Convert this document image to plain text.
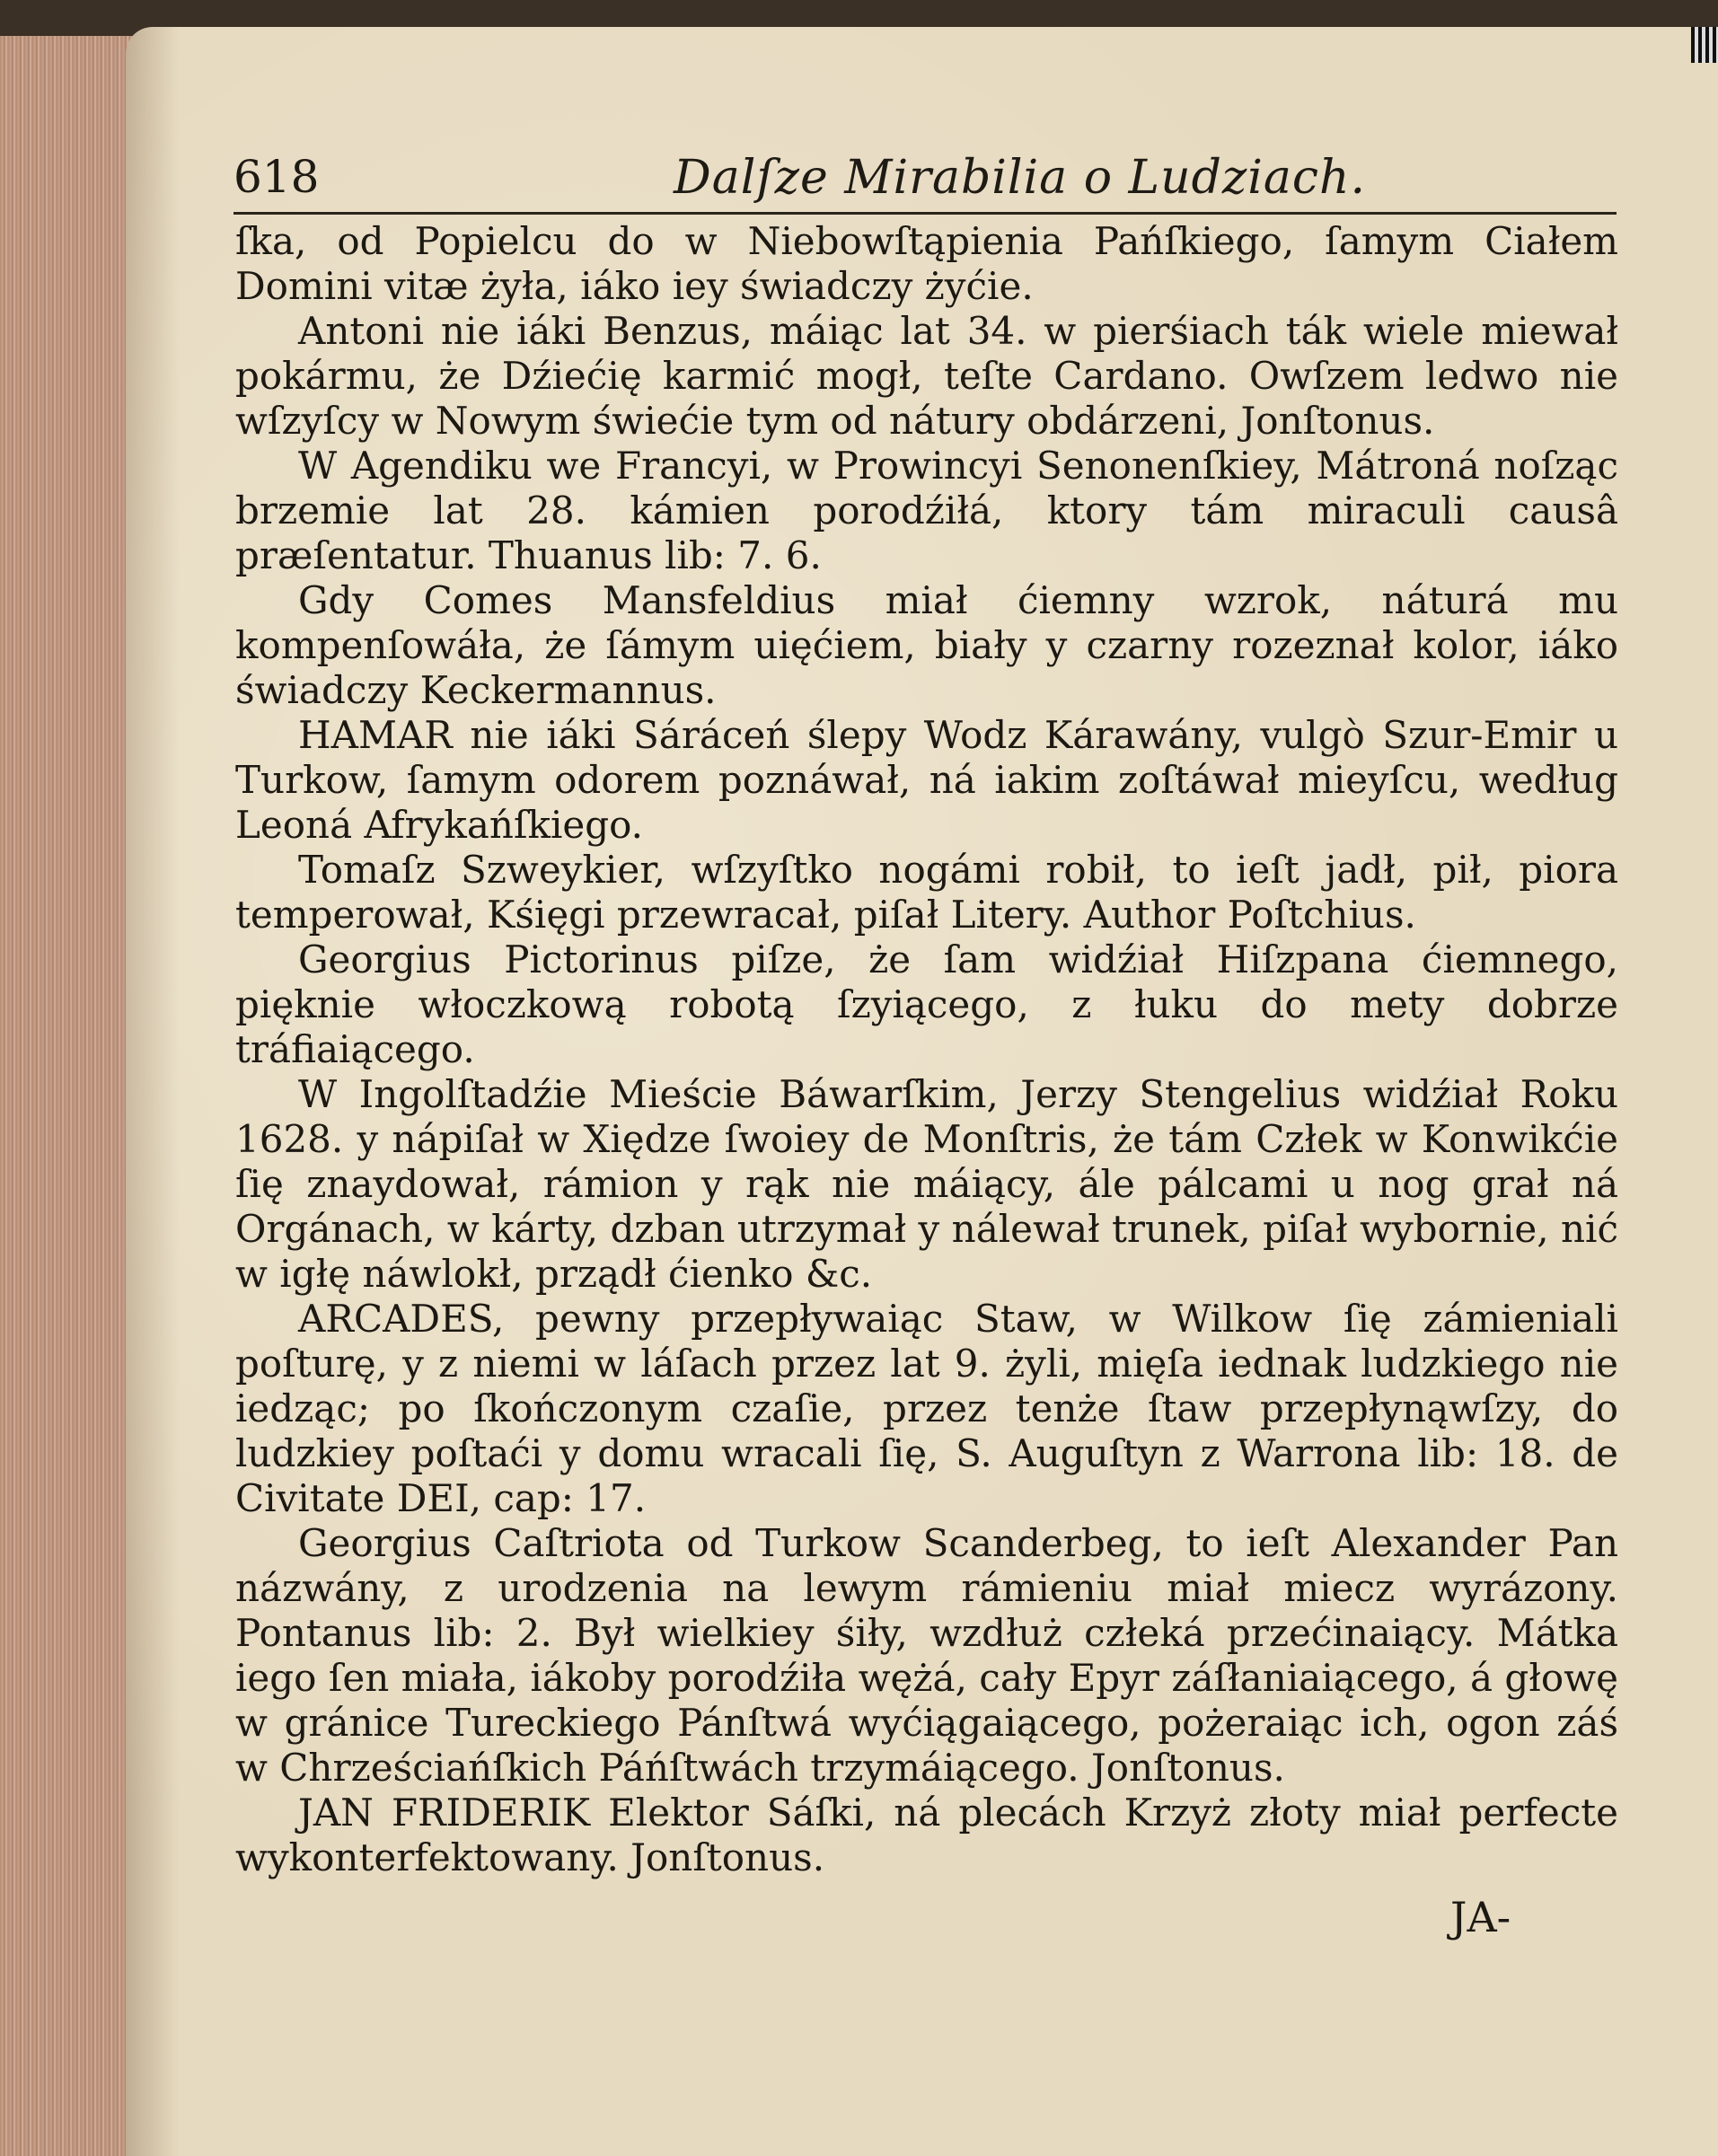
618	Dalſze Mirabilia o Ludziach.

ſka, od Popielcu do w Niebowſtąpienia Pańſkiego, ſamym Ciałem Domini vitæ żyła, iáko iey świadczy żyćie.

Antoni nie iáki Benzus, máiąc lat 34. w pierśiach ták wiele miewał pokármu, że Dźiećię karmić mogł, teſte Cardano. Owſzem ledwo nie wſzyſcy w Nowym świećie tym od nátury obdárzeni, Jonſtonus.

W Agendiku we Francyi, w Prowincyi Senonenſkiey, Mátroná noſząc brzemie lat 28. kámien porodźiłá, ktory tám miraculi causâ præſentatur. Thuanus lib: 7. 6.

Gdy Comes Mansfeldius miał ćiemny wzrok, náturá mu kompenſowáła, że ſámym uięćiem, biały y czarny rozeznał kolor, iáko świadczy Keckermannus.

HAMAR nie iáki Sáráceń ślepy Wodz Kárawány, vulgò Szur-Emir u Turkow, ſamym odorem poznáwał, ná iakim zoſtáwał mieyſcu, według Leoná Afrykańſkiego.

Tomaſz Szweykier, wſzyſtko nogámi robił, to ieſt jadł, pił, piora temperował, Kśięgi przewracał, piſał Litery. Author Poſtchius.

Georgius Pictorinus piſze, że ſam widźiał Hiſzpana ćiemnego, pięknie włoczkową robotą ſzyiącego, z łuku do mety dobrze tráfiaiącego.

W Ingolſtadźie Mieście Báwarſkim, Jerzy Stengelius widźiał Roku 1628. y nápiſał w Xiędze ſwoiey de Monſtris, że tám Człek w Konwikćie ſię znaydował, rámion y rąk nie máiący, ále pálcami u nog grał ná Orgánach, w kárty, dzban utrzymał y nálewał trunek, piſał wybornie, nić w igłę náwlokł, prządł ćienko &c.

ARCADES, pewny przepływaiąc Staw, w Wilkow ſię zámieniali poſturę, y z niemi w láſach przez lat 9. żyli, mięſa iednak ludzkiego nie iedząc; po ſkończonym czaſie, przez tenże ſtaw przepłynąwſzy, do ludzkiey poſtaći y domu wracali ſię, S. Auguſtyn z Warrona lib: 18. de Civitate DEI, cap: 17.

Georgius Caſtriota od Turkow Scanderbeg, to ieſt Alexander Pan názwány, z urodzenia na lewym rámieniu miał miecz wyrázony. Pontanus lib: 2. Był wielkiey śiły, wzdłuż człeká przećinaiący. Mátka iego ſen miała, iákoby porodźiła wężá, cały Epyr záſłaniaiącego, á głowę w gránice Tureckiego Pánſtwá wyćiągaiącego, pożeraiąc ich, ogon záś w Chrześciańſkich Páńſtwách trzymáiącego. Jonſtonus.

JAN FRIDERIK Elektor Sáſki, ná plecách Krzyż złoty miał perfecte wykonterfektowany. Jonſtonus.

JA-
